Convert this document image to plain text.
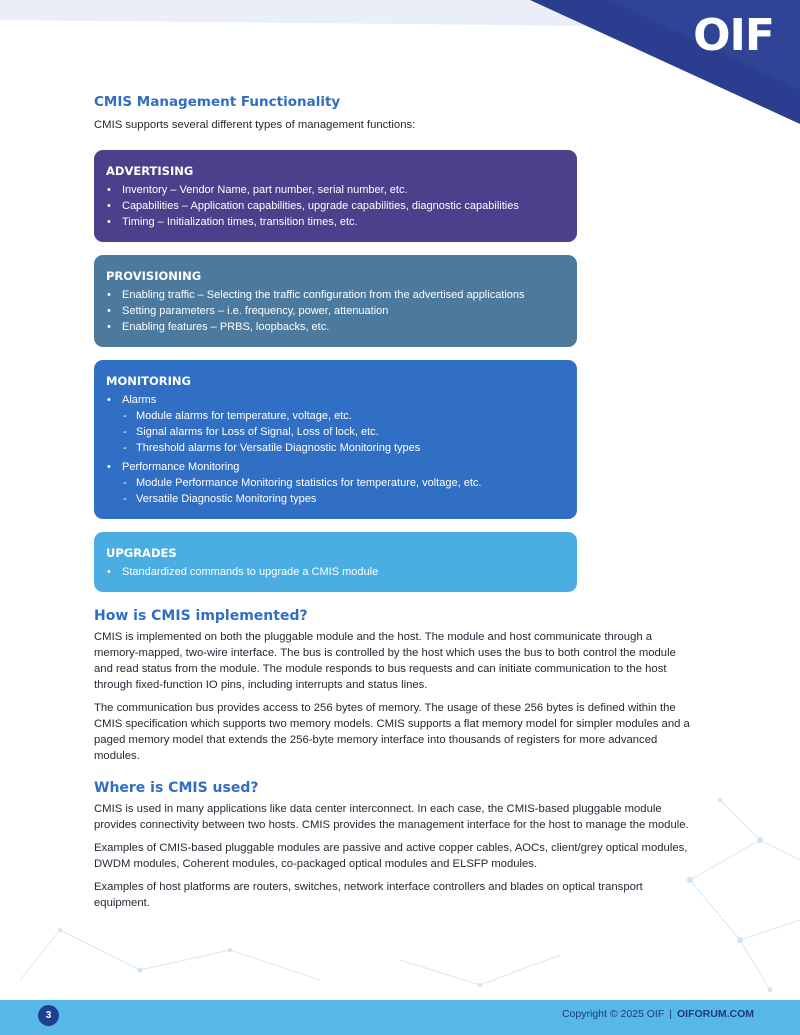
OIF
CMIS Management Functionality

CMIS supports several different types of management functions:

ADVERTISING
• Inventory – Vendor Name, part number, serial number, etc.
• Capabilities – Application capabilities, upgrade capabilities, diagnostic capabilities
• Timing – Initialization times, transition times, etc.
PROVISIONING
• Enabling traffic – Selecting the traffic configuration from the advertised applications
• Setting parameters – i.e. frequency, power, attenuation
• Enabling features – PRBS, loopbacks, etc.
MONITORING
• Alarms
- Module alarms for temperature, voltage, etc.
- Signal alarms for Loss of Signal, Loss of lock, etc.
- Threshold alarms for Versatile Diagnostic Monitoring types
• Performance Monitoring
- Module Performance Monitoring statistics for temperature, voltage, etc.
- Versatile Diagnostic Monitoring types
UPGRADES
• Standardized commands to upgrade a CMIS module
How is CMIS implemented?

CMIS is implemented on both the pluggable module and the host. The module and host communicate through a memory-mapped, two-wire interface. The bus is controlled by the host which uses the bus to both control the module and read status from the module. The module responds to bus requests and can initiate communication to the host through fixed-function IO pins, including interrupts and status lines.

The communication bus provides access to 256 bytes of memory. The usage of these 256 bytes is defined within the CMIS specification which supports two memory models. CMIS supports a flat memory model for simpler modules and a paged memory model that extends the 256-byte memory interface into thousands of registers for more advanced modules.

Where is CMIS used?

CMIS is used in many applications like data center interconnect. In each case, the CMIS-based pluggable module provides connectivity between two hosts. CMIS provides the management interface for the host to manage the module.

Examples of CMIS-based pluggable modules are passive and active copper cables, AOCs, client/grey optical modules, DWDM modules, Coherent modules, co-packaged optical modules and ELSFP modules.

Examples of host platforms are routers, switches, network interface controllers and blades on optical transport equipment.

3	Copyright © 2025 OIF | OIFORUM.COM
